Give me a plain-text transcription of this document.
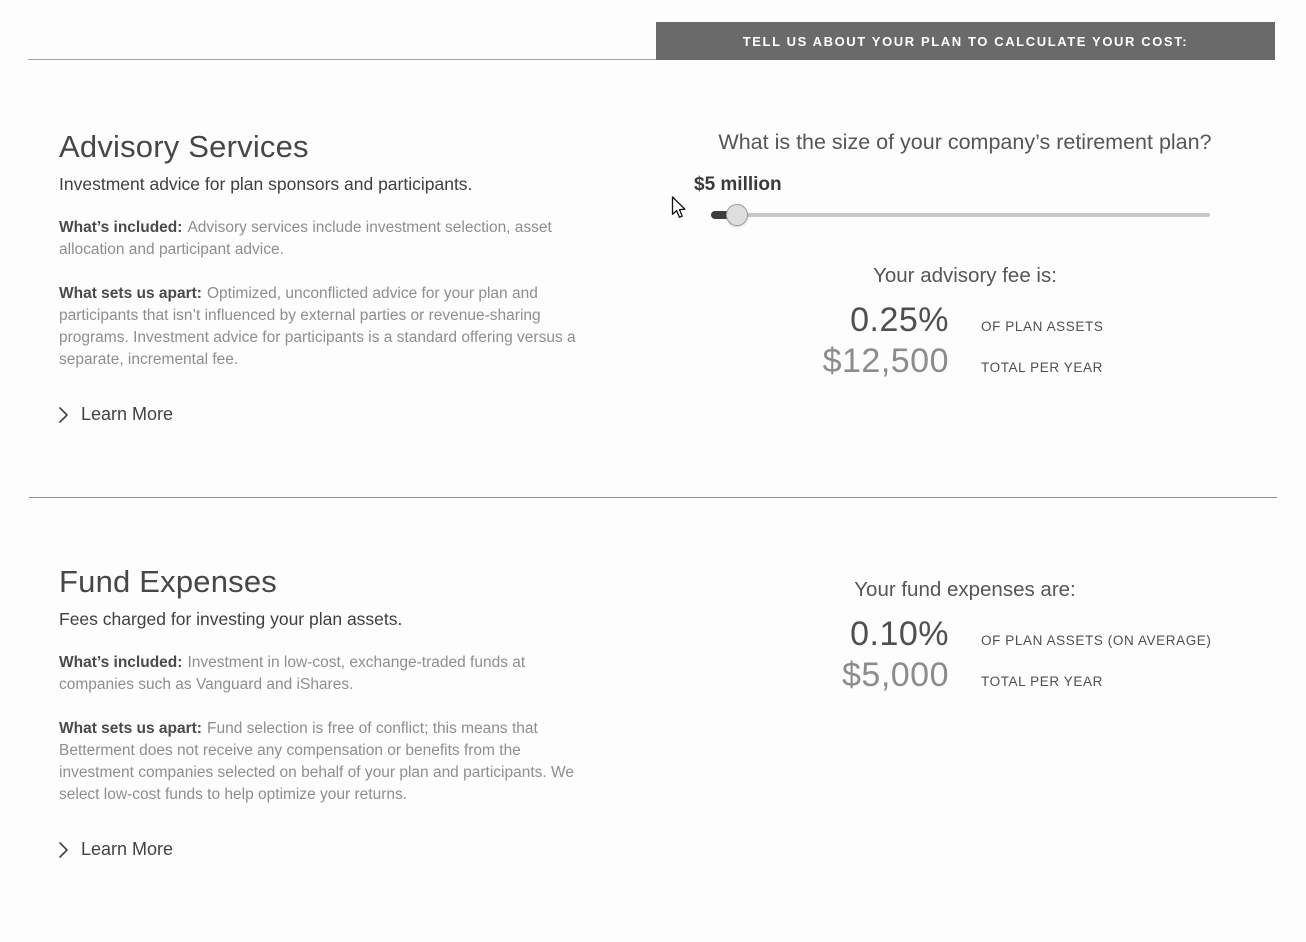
TELL US ABOUT YOUR PLAN TO CALCULATE YOUR COST:
Advisory Services
Investment advice for plan sponsors and participants.

What’s included: Advisory services include investment selection, asset allocation and participant advice.

What sets us apart: Optimized, unconflicted advice for your plan and participants that isn’t influenced by external parties or revenue-sharing programs. Investment advice for participants is a standard offering versus a separate, incremental fee.

Learn More
What is the size of your company’s retirement plan?
$5 million
Your advisory fee is:
0.25% OF PLAN ASSETS
$12,500 TOTAL PER YEAR
Fund Expenses
Fees charged for investing your plan assets.

What’s included: Investment in low-cost, exchange-traded funds at companies such as Vanguard and iShares.

What sets us apart: Fund selection is free of conflict; this means that Betterment does not receive any compensation or benefits from the investment companies selected on behalf of your plan and participants. We select low-cost funds to help optimize your returns.

Learn More
Your fund expenses are:
0.10% OF PLAN ASSETS (ON AVERAGE)
$5,000 TOTAL PER YEAR
